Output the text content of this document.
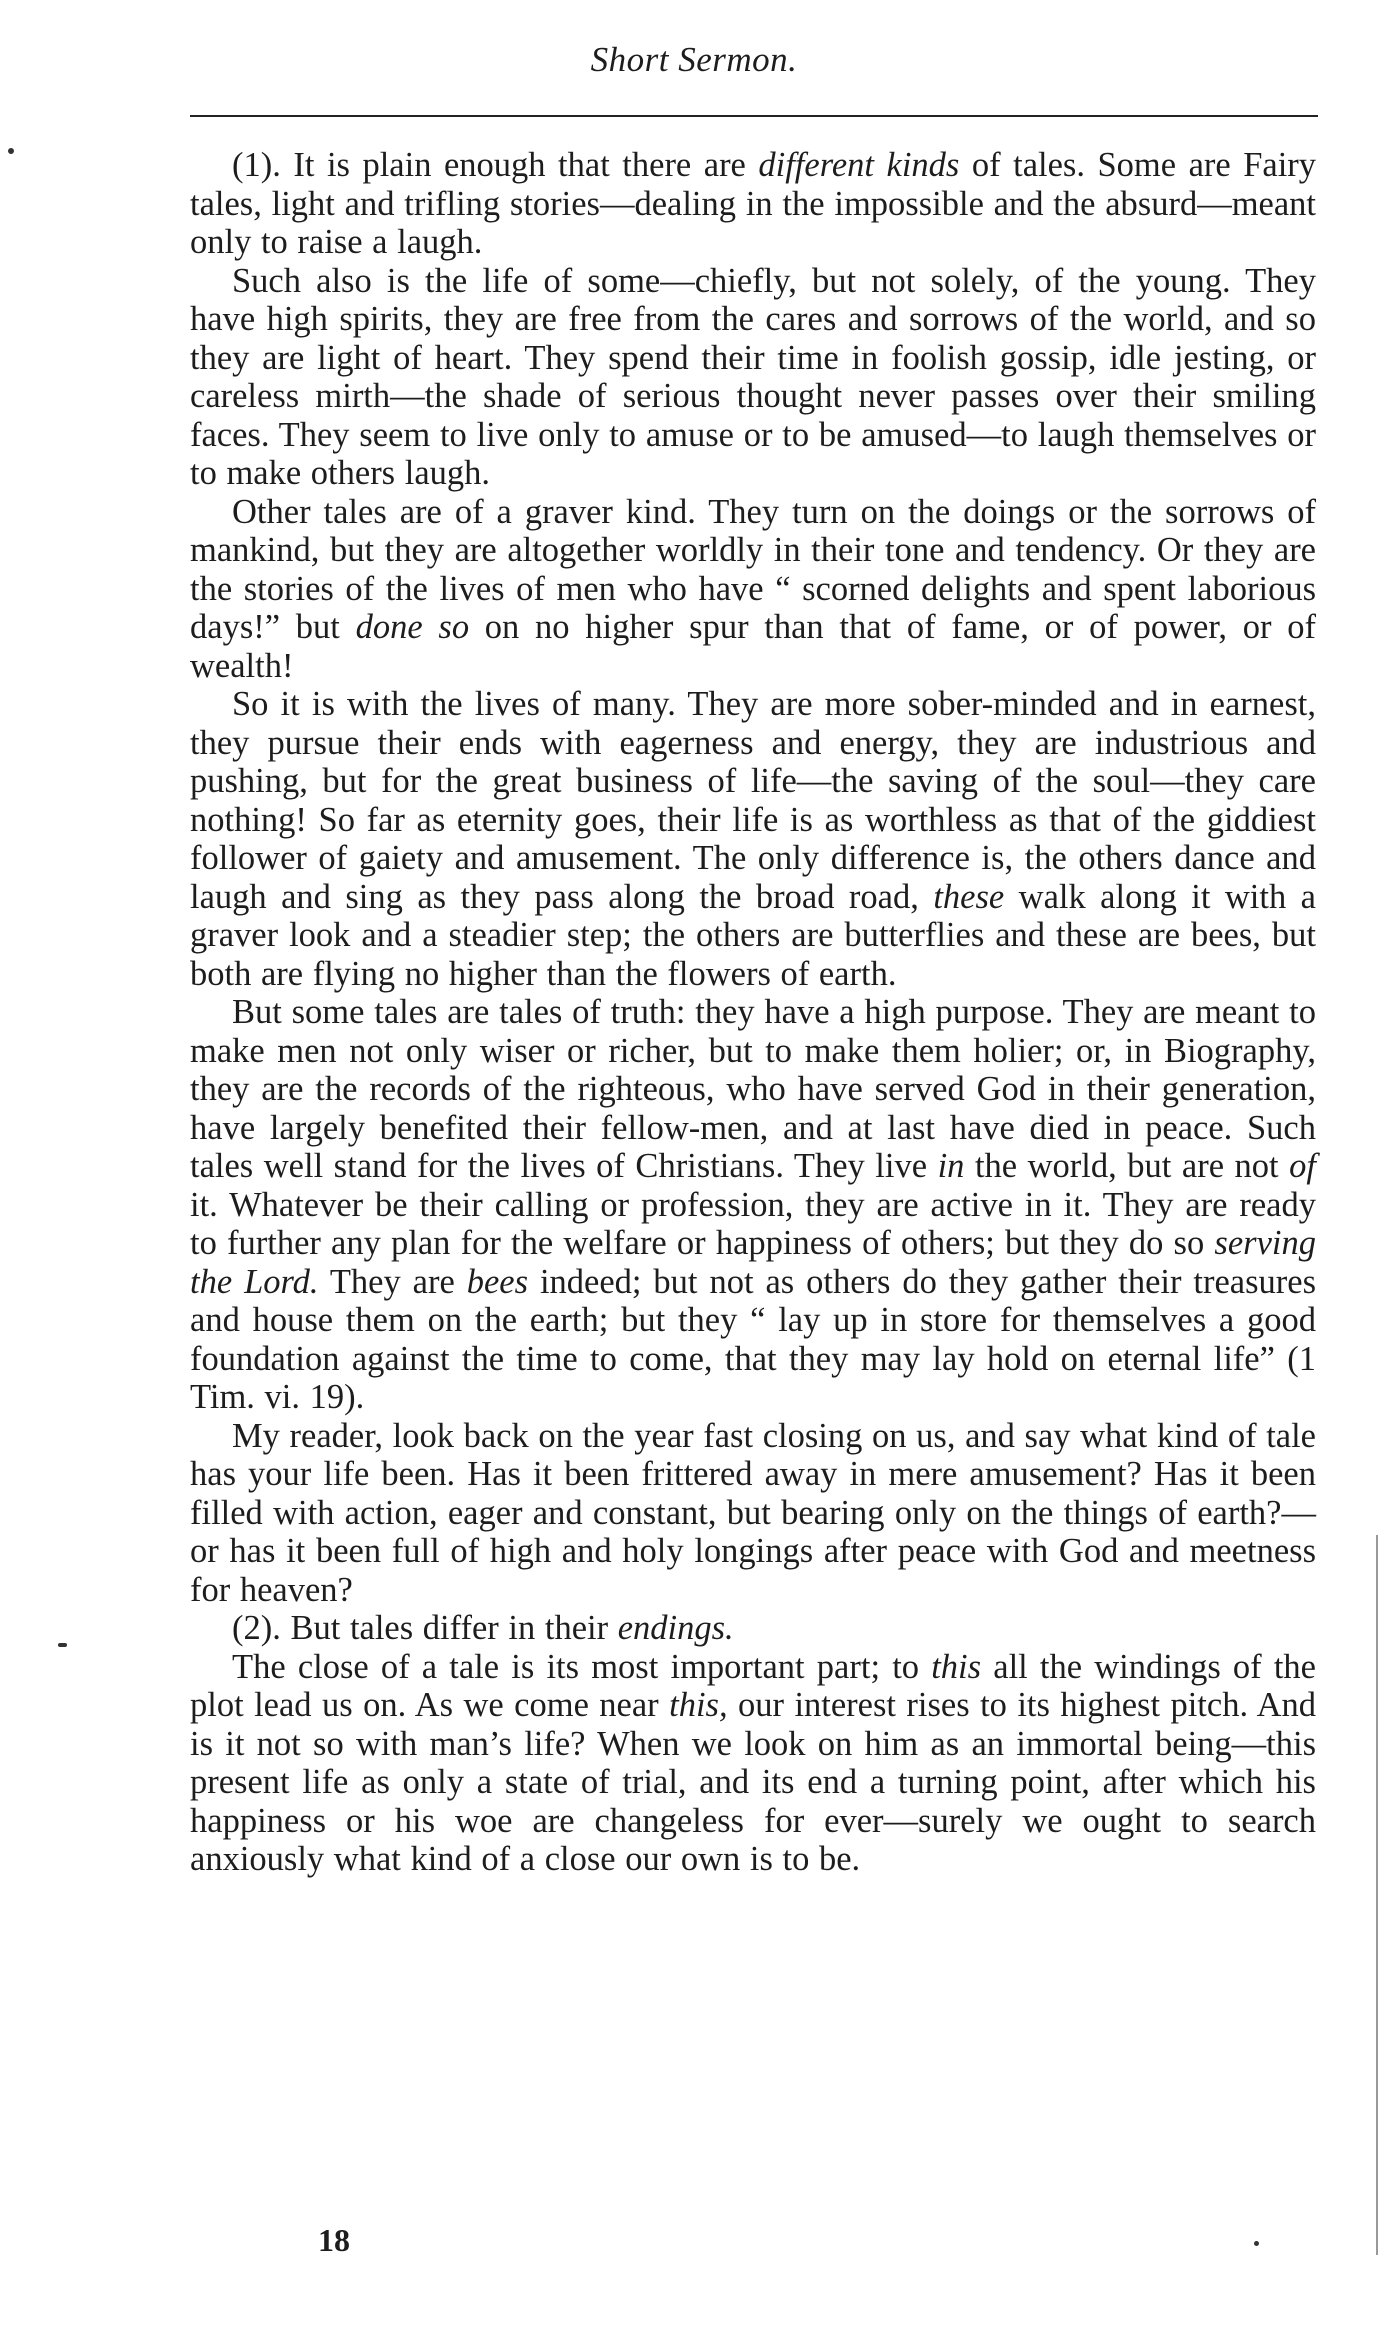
Short Sermon.

(1). It is plain enough that there are different kinds of tales. Some are Fairy tales, light and trifling stories—dealing in the impossible and the absurd—meant only to raise a laugh.

Such also is the life of some—chiefly, but not solely, of the young. They have high spirits, they are free from the cares and sorrows of the world, and so they are light of heart. They spend their time in foolish gossip, idle jesting, or careless mirth—the shade of serious thought never passes over their smiling faces. They seem to live only to amuse or to be amused—to laugh themselves or to make others laugh.

Other tales are of a graver kind. They turn on the doings or the sorrows of mankind, but they are altogether worldly in their tone and tendency. Or they are the stories of the lives of men who have “ scorned delights and spent laborious days!” but done so on no higher spur than that of fame, or of power, or of wealth!

So it is with the lives of many. They are more sober-minded and in earnest, they pursue their ends with eagerness and energy, they are industrious and pushing, but for the great business of life—the saving of the soul—they care nothing! So far as eternity goes, their life is as worthless as that of the giddiest follower of gaiety and amusement. The only difference is, the others dance and laugh and sing as they pass along the broad road, these walk along it with a graver look and a steadier step; the others are butterflies and these are bees, but both are flying no higher than the flowers of earth.

But some tales are tales of truth: they have a high purpose. They are meant to make men not only wiser or richer, but to make them holier; or, in Biography, they are the records of the righteous, who have served God in their generation, have largely benefited their fellow-men, and at last have died in peace. Such tales well stand for the lives of Christians. They live in the world, but are not of it. Whatever be their calling or profession, they are active in it. They are ready to further any plan for the welfare or happiness of others; but they do so serving the Lord. They are bees indeed; but not as others do they gather their treasures and house them on the earth; but they “ lay up in store for themselves a good foundation against the time to come, that they may lay hold on eternal life” (1 Tim. vi. 19).

My reader, look back on the year fast closing on us, and say what kind of tale has your life been. Has it been frittered away in mere amusement? Has it been filled with action, eager and constant, but bearing only on the things of earth?—or has it been full of high and holy longings after peace with God and meetness for heaven?

(2). But tales differ in their endings.

The close of a tale is its most important part; to this all the windings of the plot lead us on. As we come near this, our interest rises to its highest pitch. And is it not so with man’s life? When we look on him as an immortal being—this present life as only a state of trial, and its end a turning point, after which his happiness or his woe are changeless for ever—surely we ought to search anxiously what kind of a close our own is to be.

18
